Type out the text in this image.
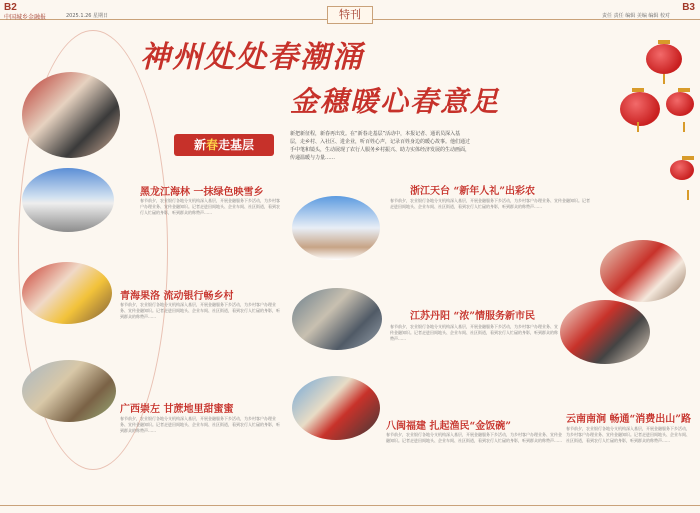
B2
中国城乡金融报	2025.1.26 星期日	责任 责任 编辑 美编 编辑 校对
B3
特刊
神州处处春潮涌
金穗暖心春意足
新春走基层
新把新征程，新春再出发。在“新春走基层”活动中，本报记者、通讯员深入基层，走乡村、入社区、进企业，听百姓心声，记录百姓身边的暖心故事。他们通过手中笔和镜头，生动展现了农行人服务乡村振兴、助力实体经济发展的生动画面，传递温暖与力量……
黑龙江海林 一抹绿色映雪乡
青海果洛 流动银行畅乡村
广西崇左 甘蔗地里甜蜜蜜
浙江天台 “新年人礼”出彩农
江苏丹阳 “浓”情服务新市民
八闽福建 扎起渔民“金饭碗”
云南南涧 畅通“消费出山”路
春节前夕，农业银行各地分支机构深入基层，开展金融服务下乡活动，为乡村客户办理业务、宣传金融知识。记者走进田间地头、企业车间、社区街道，看到农行人忙碌的身影，听到群众的称赞声……
春节前夕，农业银行各地分支机构深入基层，开展金融服务下乡活动，为乡村客户办理业务、宣传金融知识。记者走进田间地头、企业车间、社区街道，看到农行人忙碌的身影，听到群众的称赞声……
春节前夕，农业银行各地分支机构深入基层，开展金融服务下乡活动，为乡村客户办理业务、宣传金融知识。记者走进田间地头、企业车间、社区街道，看到农行人忙碌的身影，听到群众的称赞声……
春节前夕，农业银行各地分支机构深入基层，开展金融服务下乡活动，为乡村客户办理业务、宣传金融知识。记者走进田间地头、企业车间、社区街道，看到农行人忙碌的身影，听到群众的称赞声……
春节前夕，农业银行各地分支机构深入基层，开展金融服务下乡活动，为乡村客户办理业务、宣传金融知识。记者走进田间地头、企业车间、社区街道，看到农行人忙碌的身影，听到群众的称赞声……
春节前夕，农业银行各地分支机构深入基层，开展金融服务下乡活动，为乡村客户办理业务、宣传金融知识。记者走进田间地头、企业车间、社区街道，看到农行人忙碌的身影，听到群众的称赞声……
春节前夕，农业银行各地分支机构深入基层，开展金融服务下乡活动，为乡村客户办理业务、宣传金融知识。记者走进田间地头、企业车间、社区街道，看到农行人忙碌的身影，听到群众的称赞声……
